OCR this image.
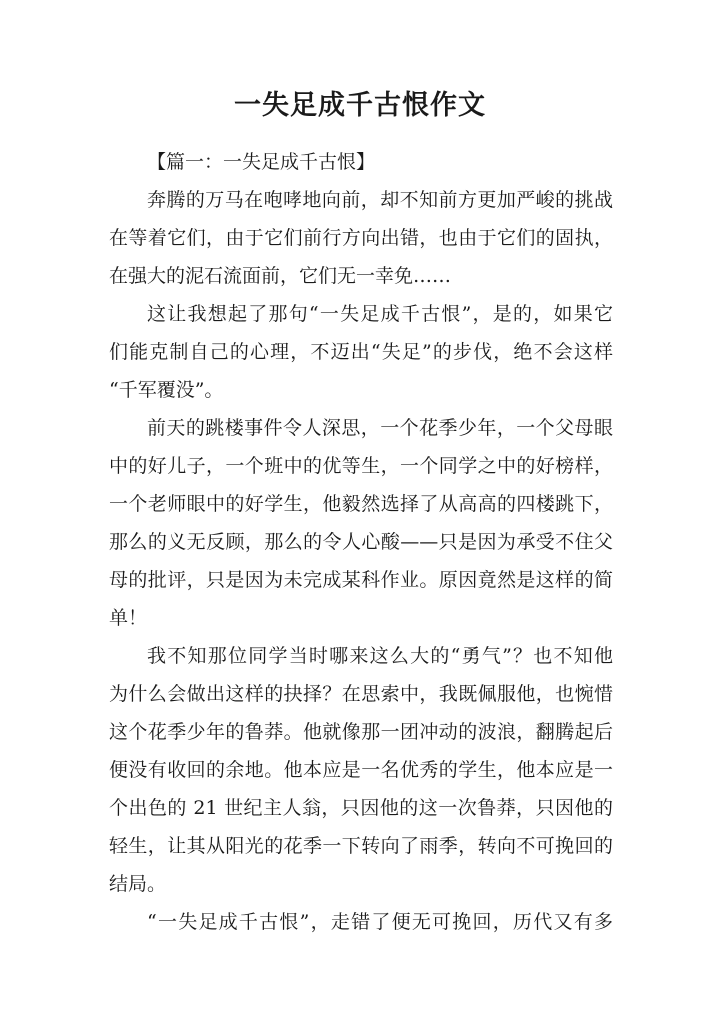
一失足成千古恨作文
【篇一：一失足成千古恨】
奔腾的万马在咆哮地向前，却不知前方更加严峻的挑战
在等着它们，由于它们前行方向出错，也由于它们的固执，
在强大的泥石流面前，它们无一幸免……
这让我想起了那句“一失足成千古恨”，是的，如果它
们能克制自己的心理，不迈出“失足”的步伐，绝不会这样
“千军覆没”。
前天的跳楼事件令人深思，一个花季少年，一个父母眼
中的好儿子，一个班中的优等生，一个同学之中的好榜样，
一个老师眼中的好学生，他毅然选择了从高高的四楼跳下，
那么的义无反顾，那么的令人心酸——只是因为承受不住父
母的批评，只是因为未完成某科作业。原因竟然是这样的简
单！
我不知那位同学当时哪来这么大的“勇气”？也不知他
为什么会做出这样的抉择？在思索中，我既佩服他，也惋惜
这个花季少年的鲁莽。他就像那一团冲动的波浪，翻腾起后
便没有收回的余地。他本应是一名优秀的学生，他本应是一
个出色的 21 世纪主人翁，只因他的这一次鲁莽，只因他的
轻生，让其从阳光的花季一下转向了雨季，转向不可挽回的
结局。
“一失足成千古恨”，走错了便无可挽回，历代又有多
